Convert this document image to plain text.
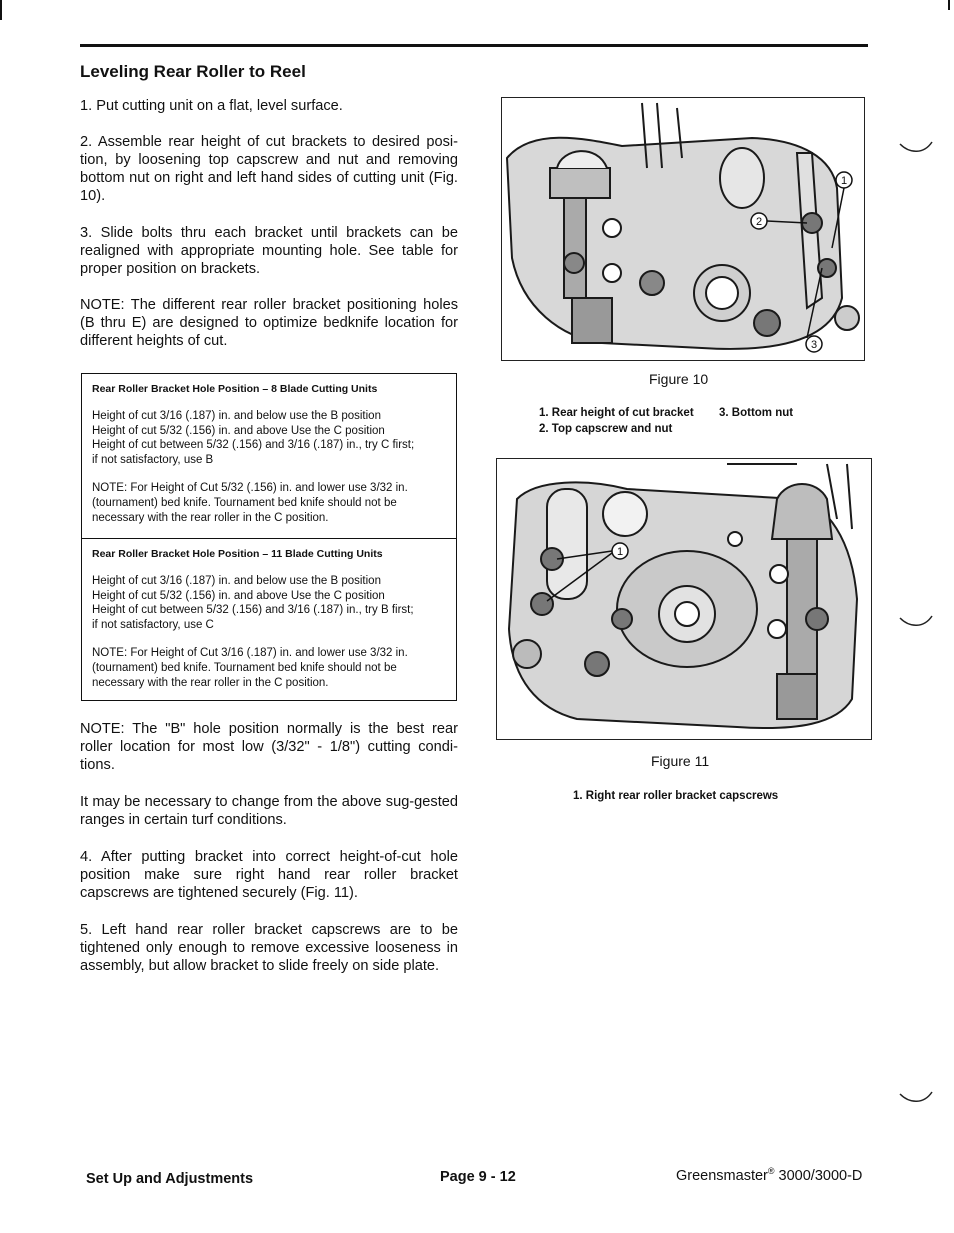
Leveling Rear Roller to Reel
1. Put cutting unit on a flat, level surface.
2. Assemble rear height of cut brackets to desired posi-tion, by loosening top capscrew and nut and removing bottom nut on right and left hand sides of cutting unit (Fig. 10).
3. Slide bolts thru each bracket until brackets can be realigned with appropriate mounting hole. See table for proper position on brackets.
NOTE: The different rear roller bracket positioning holes (B thru E) are designed to optimize bedknife location for different heights of cut.
Rear Roller Bracket Hole Position – 8 Blade Cutting Units
Height of cut 3/16 (.187) in. and below use the B position
Height of cut 5/32 (.156) in. and above Use the C position
Height of cut between 5/32 (.156) and 3/16 (.187) in., try C first;
if not satisfactory, use B
NOTE: For Height of Cut 5/32 (.156) in. and lower use 3/32 in. (tournament) bed knife. Tournament bed knife should not be necessary with the rear roller in the C position.
Rear Roller Bracket Hole Position – 11 Blade Cutting Units
Height of cut 3/16 (.187) in. and below use the B position
Height of cut 5/32 (.156) in. and above Use the C position
Height of cut between 5/32 (.156) and 3/16 (.187) in., try B first;
if not satisfactory, use C
NOTE: For Height of Cut 3/16 (.187) in. and lower use 3/32 in. (tournament) bed knife. Tournament bed knife should not be necessary with the rear roller in the C position.
NOTE: The "B" hole position normally is the best rear roller location for most low (3/32" - 1/8") cutting condi-tions.
It may be necessary to change from the above sug-gested ranges in certain turf conditions.
4. After putting bracket into correct height-of-cut hole position make sure right hand rear roller bracket capscrews are tightened securely (Fig. 11).
5. Left hand rear roller bracket capscrews are to be tightened only enough to remove excessive looseness in assembly, but allow bracket to slide freely on side plate.
1
2
3
Figure 10
1. Rear height of cut bracket 3. Bottom nut
2. Top capscrew and nut
1
Figure 11
1. Right rear roller bracket capscrews
Set Up and Adjustments	Page 9 - 12	Greensmaster® 3000/3000-D
